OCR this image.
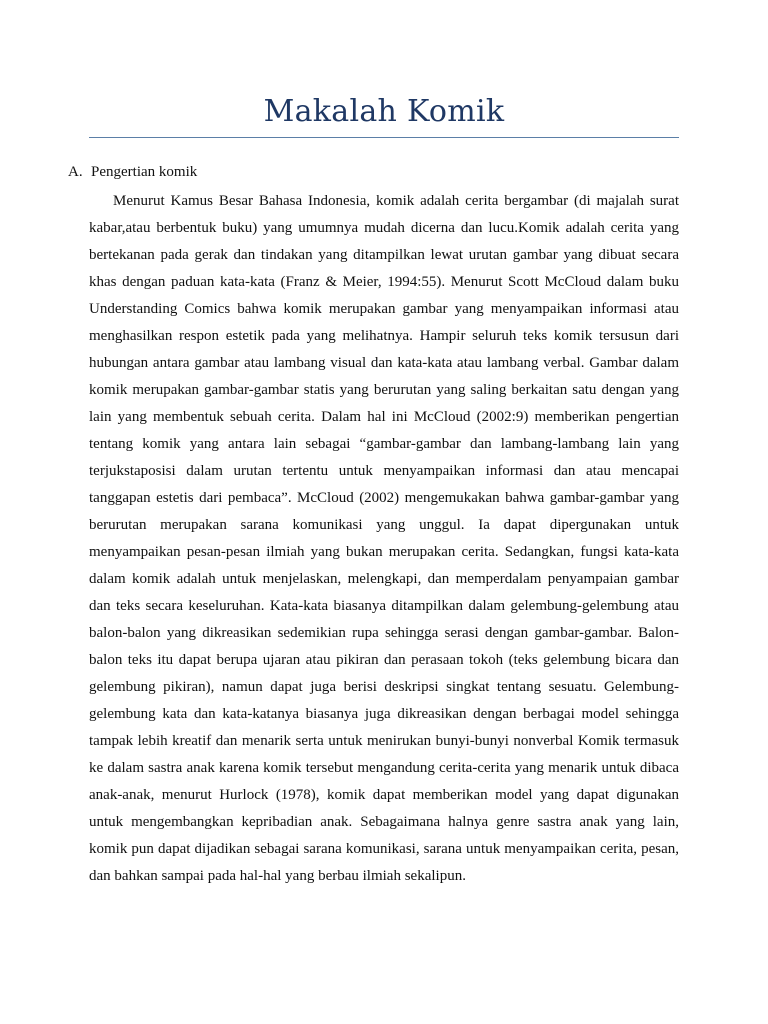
Makalah Komik
A. Pengertian komik

Menurut Kamus Besar Bahasa Indonesia, komik adalah cerita bergambar (di majalah surat kabar,atau berbentuk buku) yang umumnya mudah dicerna dan lucu.Komik adalah cerita yang bertekanan pada gerak dan tindakan yang ditampilkan lewat urutan gambar yang dibuat secara khas dengan paduan kata-kata (Franz & Meier, 1994:55). Menurut Scott McCloud dalam buku Understanding Comics bahwa komik merupakan gambar yang menyampaikan informasi atau menghasilkan respon estetik pada yang melihatnya. Hampir seluruh teks komik tersusun dari hubungan antara gambar atau lambang visual dan kata-kata atau lambang verbal. Gambar dalam komik merupakan gambar-gambar statis yang berurutan yang saling berkaitan satu dengan yang lain yang membentuk sebuah cerita. Dalam hal ini McCloud (2002:9) memberikan pengertian tentang komik yang antara lain sebagai “gambar-gambar dan lambang-lambang lain yang terjukstaposisi dalam urutan tertentu untuk menyampaikan informasi dan atau mencapai tanggapan estetis dari pembaca”. McCloud (2002) mengemukakan bahwa gambar-gambar yang berurutan merupakan sarana komunikasi yang unggul. Ia dapat dipergunakan untuk menyampaikan pesan-pesan ilmiah yang bukan merupakan cerita. Sedangkan, fungsi kata-kata dalam komik adalah untuk menjelaskan, melengkapi, dan memperdalam penyampaian gambar dan teks secara keseluruhan. Kata-kata biasanya ditampilkan dalam gelembung-gelembung atau balon-balon yang dikreasikan sedemikian rupa sehingga serasi dengan gambar-gambar. Balon-balon teks itu dapat berupa ujaran atau pikiran dan perasaan tokoh (teks gelembung bicara dan gelembung pikiran), namun dapat juga berisi deskripsi singkat tentang sesuatu. Gelembung-gelembung kata dan kata-katanya biasanya juga dikreasikan dengan berbagai model sehingga tampak lebih kreatif dan menarik serta untuk menirukan bunyi-bunyi nonverbal Komik termasuk ke dalam sastra anak karena komik tersebut mengandung cerita-cerita yang menarik untuk dibaca anak-anak, menurut Hurlock (1978), komik dapat memberikan model yang dapat digunakan untuk mengembangkan kepribadian anak. Sebagaimana halnya genre sastra anak yang lain, komik pun dapat dijadikan sebagai sarana komunikasi, sarana untuk menyampaikan cerita, pesan, dan bahkan sampai pada hal-hal yang berbau ilmiah sekalipun.
